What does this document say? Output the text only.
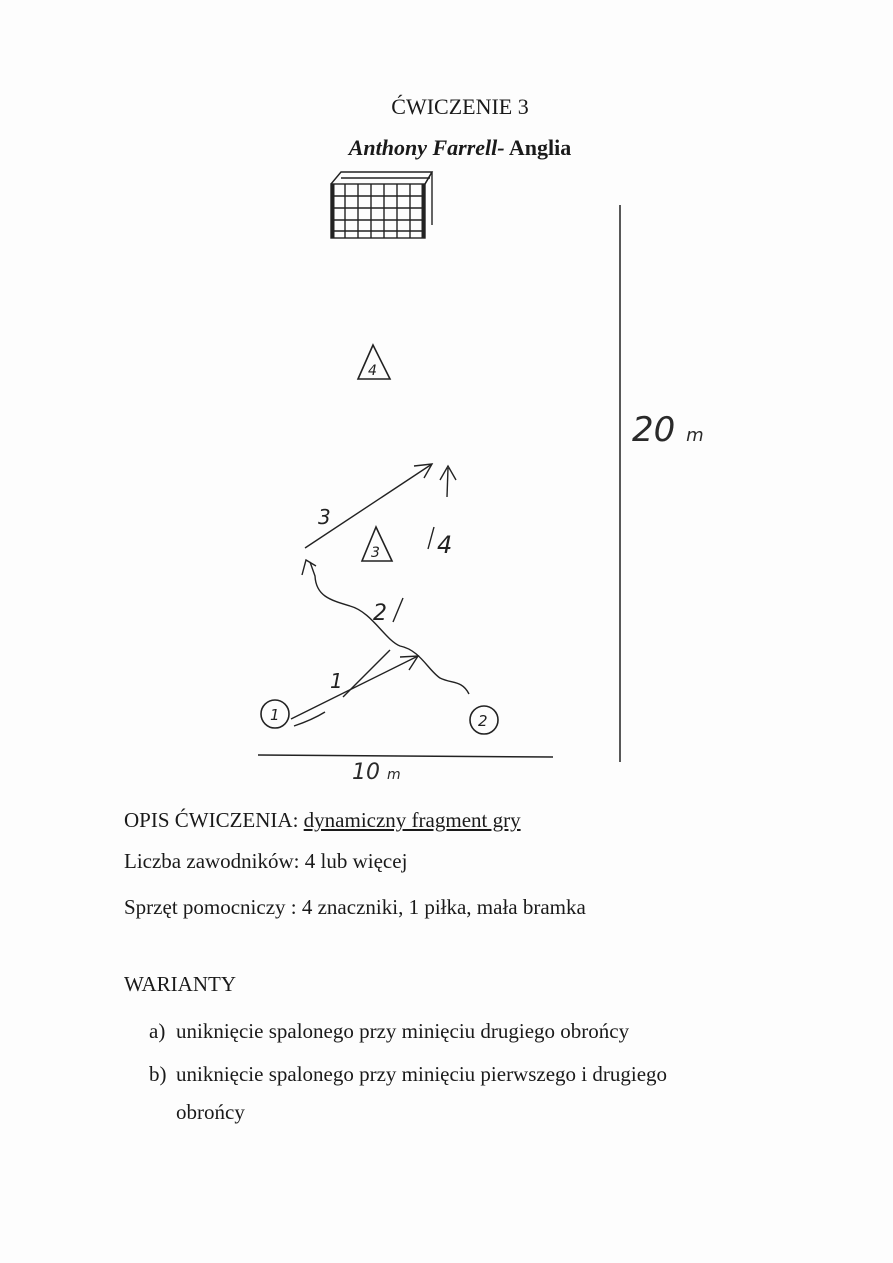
ĆWICZENIE 3
Anthony Farrell- Anglia
4
3
1	2
1
2
3
4
20 m
10 m
OPIS ĆWICZENIA: dynamiczny fragment gry
Liczba zawodników: 4 lub więcej
Sprzęt pomocniczy : 4 znaczniki, 1 piłka, mała bramka
WARIANTY
a) uniknięcie spalonego przy minięciu drugiego obrońcy
b) uniknięcie spalonego przy minięciu pierwszego i drugiego
obrońcy
